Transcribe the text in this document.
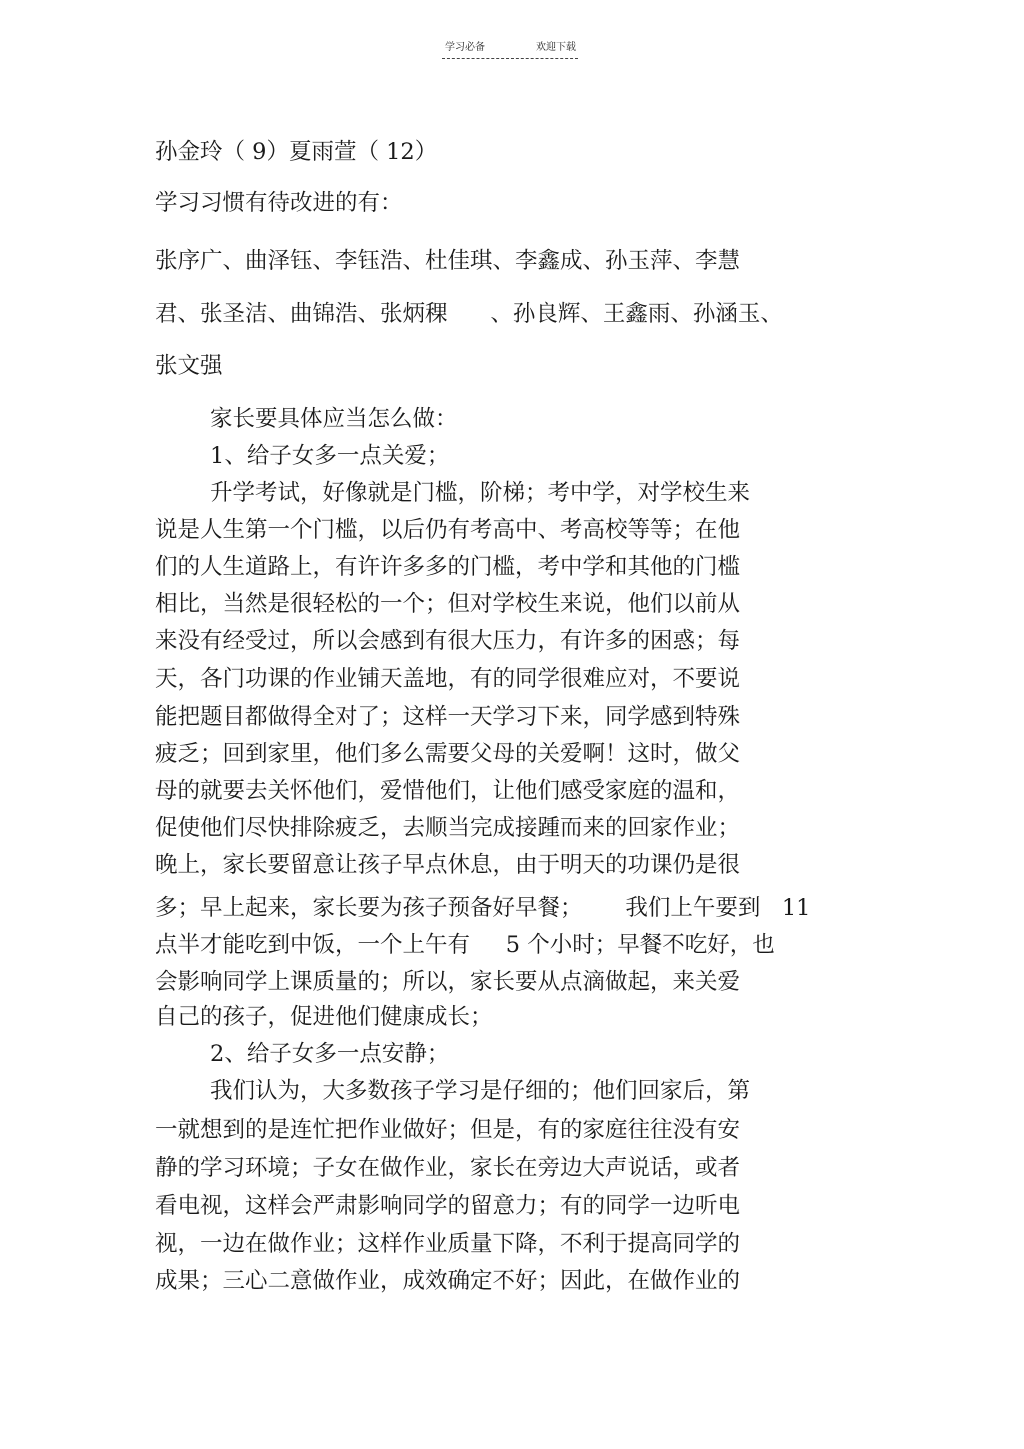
学习必备	欢迎下载
孙金玲（ 9）夏雨萱（ 12）
学习习惯有待改进的有：
张序广、曲泽钰、李钰浩、杜佳琪、李鑫成、孙玉萍、李慧
君、张圣洁、曲锦浩、张炳稞      、孙良辉、王鑫雨、孙涵玉、
张文强
家长要具体应当怎么做：
1、给子女多一点关爱；
升学考试，好像就是门槛，阶梯；考中学，对学校生来
说是人生第一个门槛，以后仍有考高中、考高校等等；在他
们的人生道路上，有许许多多的门槛，考中学和其他的门槛
相比，当然是很轻松的一个；但对学校生来说，他们以前从
来没有经受过，所以会感到有很大压力，有许多的困惑；每
天，各门功课的作业铺天盖地，有的同学很难应对，不要说
能把题目都做得全对了；这样一天学习下来，同学感到特殊
疲乏；回到家里，他们多么需要父母的关爱啊！这时，做父
母的就要去关怀他们，爱惜他们，让他们感受家庭的温和，
促使他们尽快排除疲乏，去顺当完成接踵而来的回家作业；
晚上，家长要留意让孩子早点休息，由于明天的功课仍是很
多；早上起来，家长要为孩子预备好早餐；      我们上午要到   11
点半才能吃到中饭，一个上午有     5 个小时；早餐不吃好，也
会影响同学上课质量的；所以，家长要从点滴做起，来关爱
自己的孩子，促进他们健康成长；
2、给子女多一点安静；
我们认为，大多数孩子学习是仔细的；他们回家后，第
一就想到的是连忙把作业做好；但是，有的家庭往往没有安
静的学习环境；子女在做作业，家长在旁边大声说话，或者
看电视，这样会严肃影响同学的留意力；有的同学一边听电
视，一边在做作业；这样作业质量下降，不利于提高同学的
成果；三心二意做作业，成效确定不好；因此，在做作业的
